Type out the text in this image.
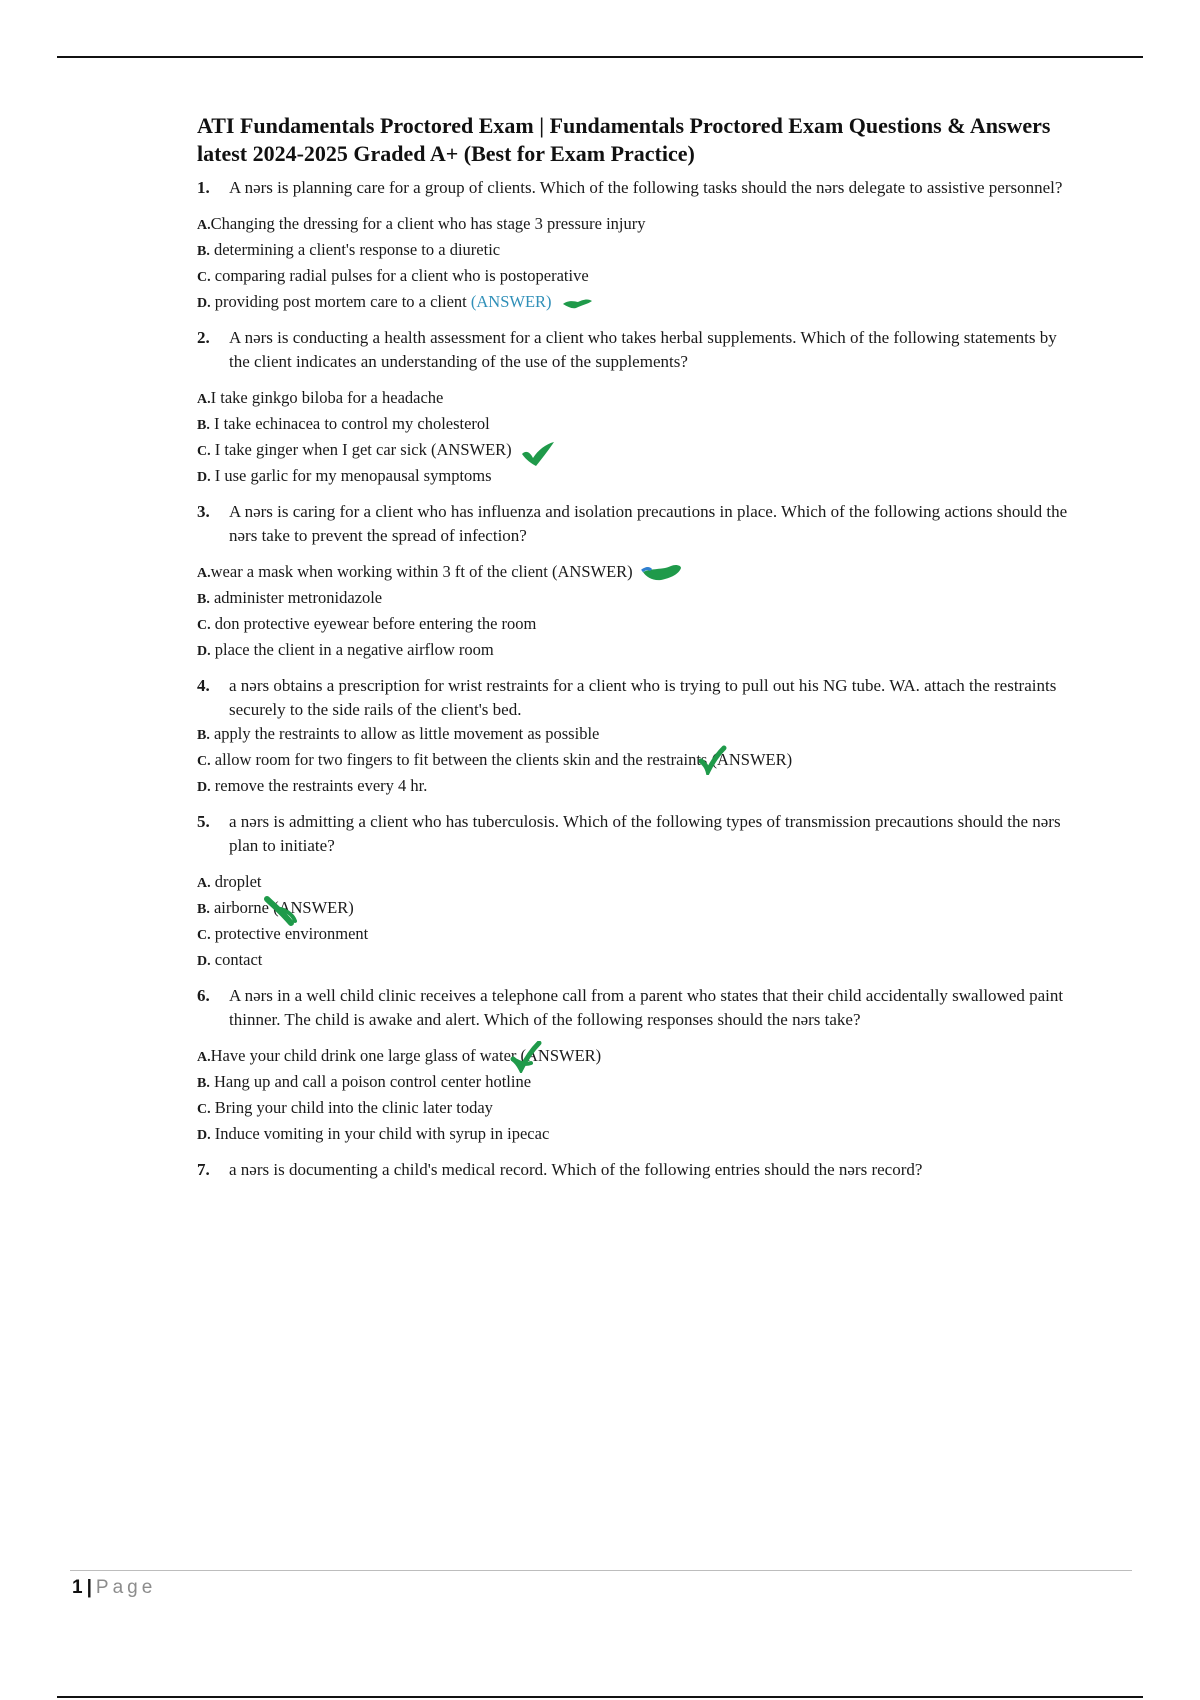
ATI Fundamentals Proctored Exam | Fundamentals Proctored Exam Questions & Answers latest 2024-2025 Graded A+ (Best for Exam Practice)
1. A nərs is planning care for a group of clients. Which of the following tasks should the nərs delegate to assistive personnel?
A.Changing the dressing for a client who has stage 3 pressure injury
B. determining a client's response to a diuretic
C. comparing radial pulses for a client who is postoperative
D. providing post mortem care to a client (ANSWER)
2. A nərs is conducting a health assessment for a client who takes herbal supplements. Which of the following statements by the client indicates an understanding of the use of the supplements?
A.I take ginkgo biloba for a headache
B. I take echinacea to control my cholesterol
C. I take ginger when I get car sick (ANSWER)
D. I use garlic for my menopausal symptoms
3. A nərs is caring for a client who has influenza and isolation precautions in place. Which of the following actions should the nərs take to prevent the spread of infection?
A.wear a mask when working within 3 ft of the client (ANSWER)
B. administer metronidazole
C. don protective eyewear before entering the room
D. place the client in a negative airflow room
4. a nərs obtains a prescription for wrist restraints for a client who is trying to pull out his NG tube. WA. attach the restraints securely to the side rails of the client's bed.
B. apply the restraints to allow as little movement as possible
C. allow room for two fingers to fit between the clients skin and the restraints (ANSWER)
D. remove the restraints every 4 hr.
5. a nərs is admitting a client who has tuberculosis. Which of the following types of transmission precautions should the nərs plan to initiate?
A. droplet
B. airborne (ANSWER)
C. protective environment
D. contact
6. A nərs in a well child clinic receives a telephone call from a parent who states that their child accidentally swallowed paint thinner. The child is awake and alert. Which of the following responses should the nərs take?
A.Have your child drink one large glass of water (ANSWER)
B. Hang up and call a poison control center hotline
C. Bring your child into the clinic later today
D. Induce vomiting in your child with syrup in ipecac
7. a nərs is documenting a child's medical record. Which of the following entries should the nərs record?
1 | Page
